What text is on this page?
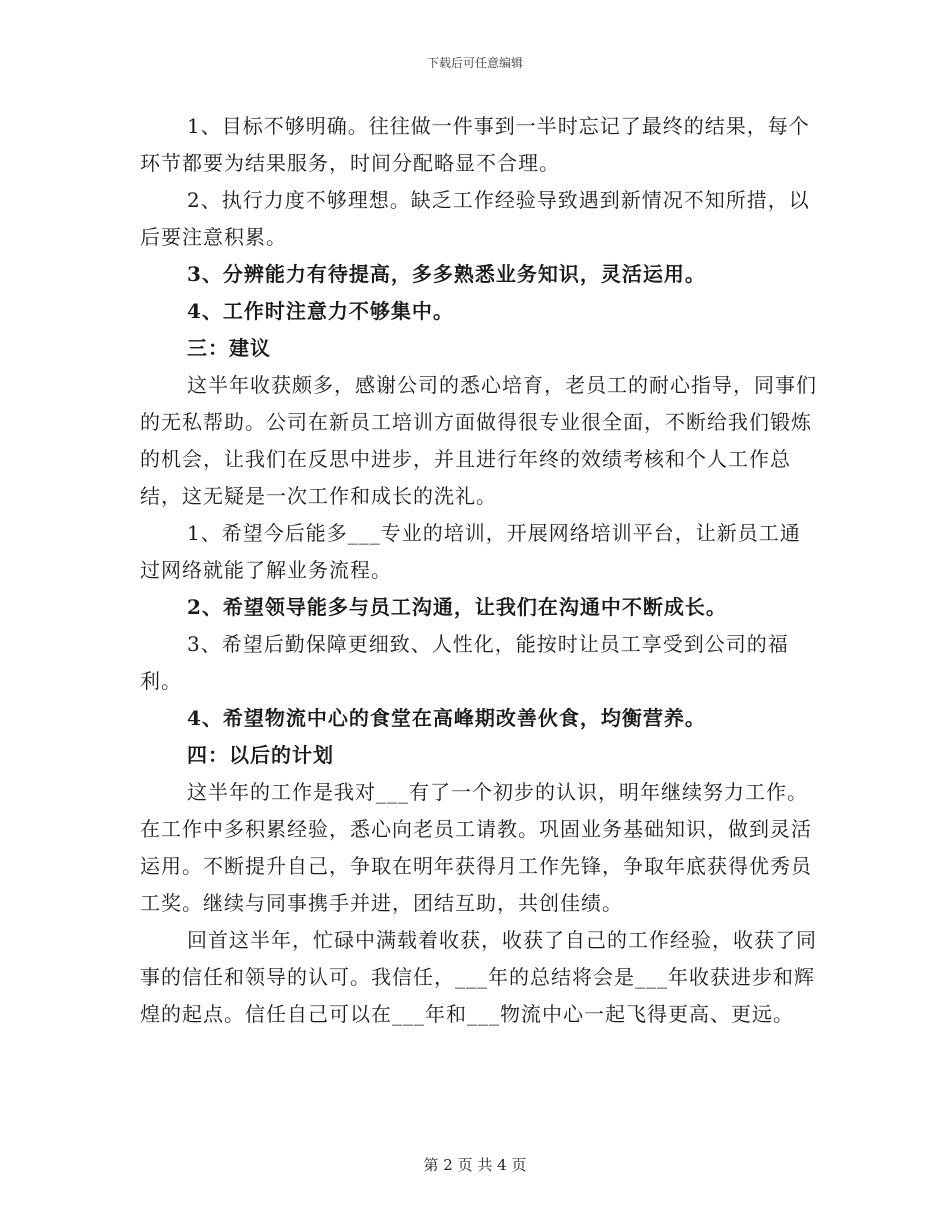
下载后可任意编辑

1、目标不够明确。往往做一件事到一半时忘记了最终的结果，每个环节都要为结果服务，时间分配略显不合理。

2、执行力度不够理想。缺乏工作经验导致遇到新情况不知所措，以后要注意积累。

3、分辨能力有待提高，多多熟悉业务知识，灵活运用。

4、工作时注意力不够集中。

三：建议

这半年收获颇多，感谢公司的悉心培育，老员工的耐心指导，同事们的无私帮助。公司在新员工培训方面做得很专业很全面，不断给我们锻炼的机会，让我们在反思中进步，并且进行年终的效绩考核和个人工作总结，这无疑是一次工作和成长的洗礼。

1、希望今后能多___专业的培训，开展网络培训平台，让新员工通过网络就能了解业务流程。

2、希望领导能多与员工沟通，让我们在沟通中不断成长。

3、希望后勤保障更细致、人性化，能按时让员工享受到公司的福利。

4、希望物流中心的食堂在高峰期改善伙食，均衡营养。

四：以后的计划

这半年的工作是我对___有了一个初步的认识，明年继续努力工作。在工作中多积累经验，悉心向老员工请教。巩固业务基础知识，做到灵活运用。不断提升自己，争取在明年获得月工作先锋，争取年底获得优秀员工奖。继续与同事携手并进，团结互助，共创佳绩。

回首这半年，忙碌中满载着收获，收获了自己的工作经验，收获了同事的信任和领导的认可。我信任，___年的总结将会是___年收获进步和辉煌的起点。信任自己可以在___年和___物流中心一起飞得更高、更远。

第 2 页 共 4 页
